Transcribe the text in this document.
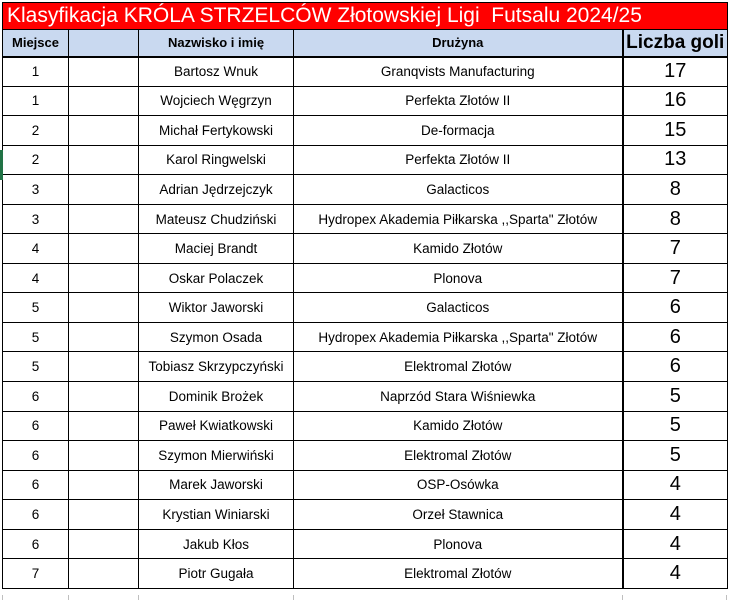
Klasyfikacja KRÓLA STRZELCÓW Złotowskiej Ligi  Futsalu 2024/25				
Miejsce		Nazwisko i imię	Drużyna	Liczba goli
1		Bartosz Wnuk	Granqvists Manufacturing	17
1		Wojciech Węgrzyn	Perfekta Złotów II	16
2		Michał Fertykowski	De-formacja	15
2		Karol Ringwelski	Perfekta Złotów II	13
3		Adrian Jędrzejczyk	Galacticos	8
3		Mateusz Chudziński	Hydropex Akademia Piłkarska ,,Sparta" Złotów	8
4		Maciej Brandt	Kamido Złotów	7
4		Oskar Polaczek	Plonova	7
5		Wiktor Jaworski	Galacticos	6
5		Szymon Osada	Hydropex Akademia Piłkarska ,,Sparta" Złotów	6
5		Tobiasz Skrzypczyński	Elektromal Złotów	6
6		Dominik Brożek	Naprzód Stara Wiśniewka	5
6		Paweł Kwiatkowski	Kamido Złotów	5
6		Szymon Mierwiński	Elektromal Złotów	5
6		Marek Jaworski	OSP-Osówka	4
6		Krystian Winiarski	Orzeł Stawnica	4
6		Jakub Kłos	Plonova	4
7		Piotr Gugała	Elektromal Złotów	4
